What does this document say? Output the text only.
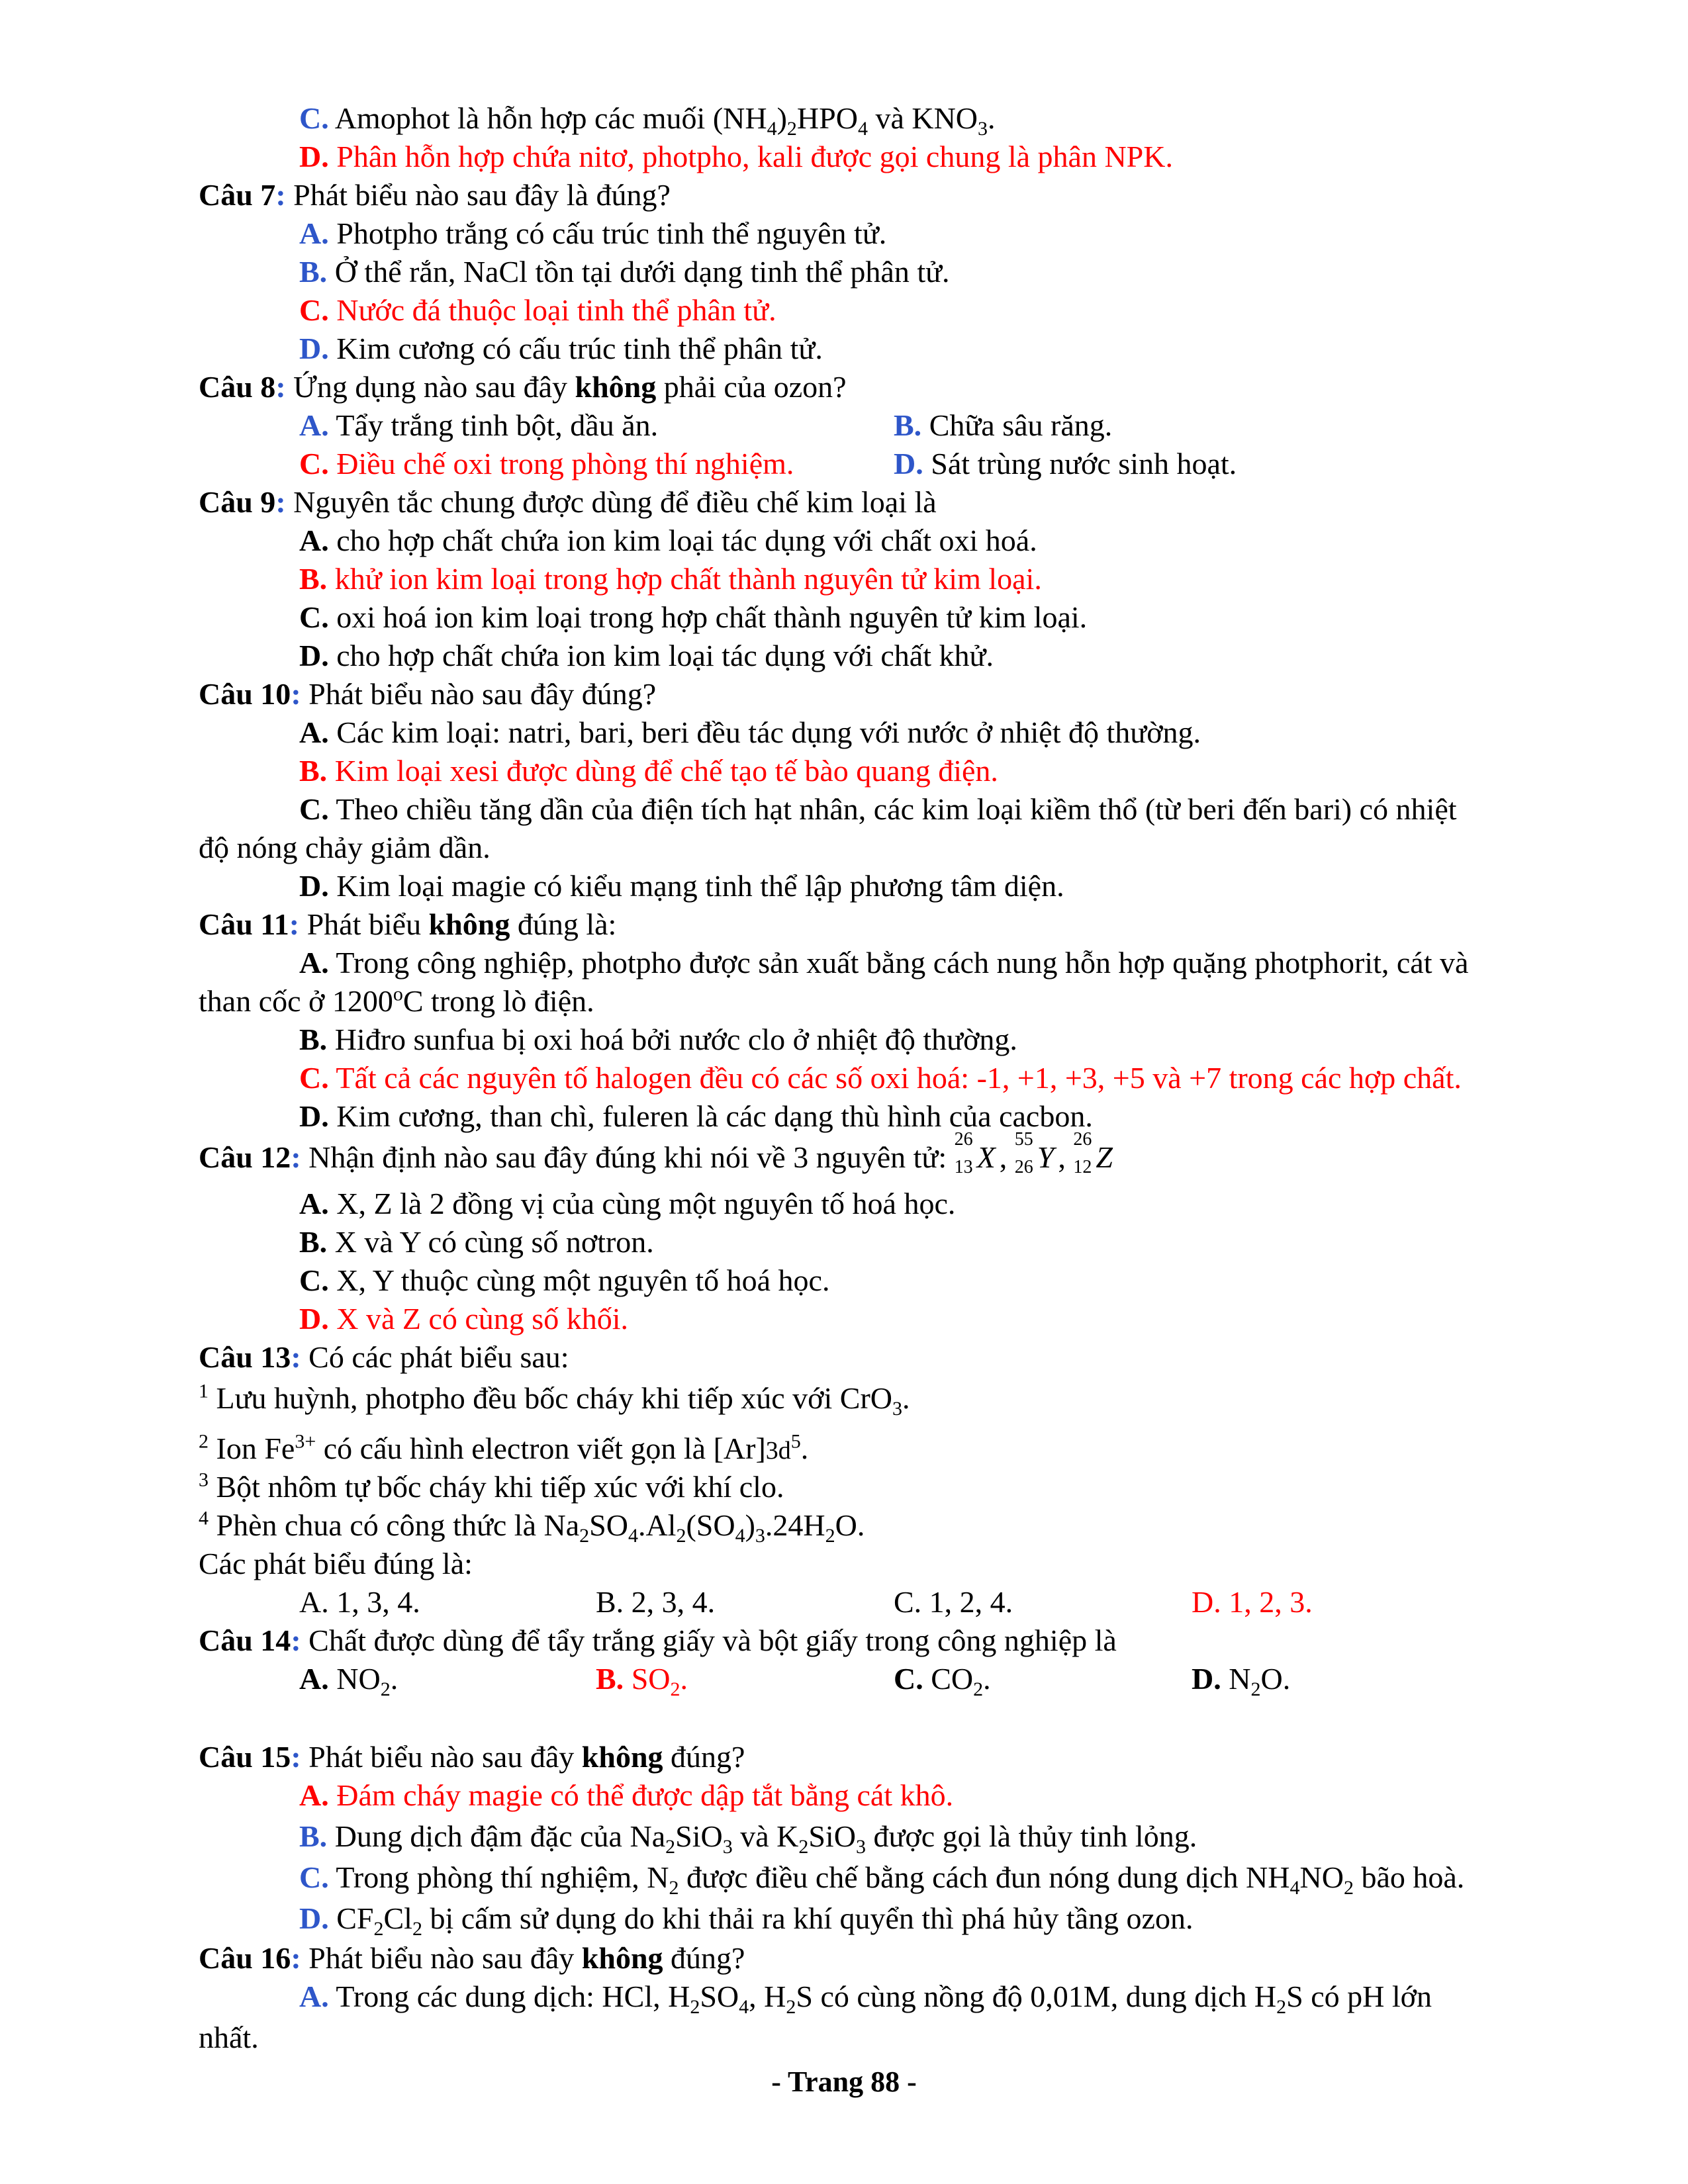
C. Amophot là hỗn hợp các muối $(NH_4)_2HPO_4$ và $KNO_3$.
D. Phân hỗn hợp chứa nitơ, photpho, kali được gọi chung là phân NPK.
Câu 7: Phát biểu nào sau đây là đúng?
A. Photpho trắng có cấu trúc tinh thể nguyên tử.
B. Ở thể rắn, NaCl tồn tại dưới dạng tinh thể phân tử.
C. Nước đá thuộc loại tinh thể phân tử.
D. Kim cương có cấu trúc tinh thể phân tử.
Câu 8: Ứng dụng nào sau đây không phải của ozon?
A. Tẩy trắng tinh bột, dầu ăn.	B. Chữa sâu răng.
C. Điều chế oxi trong phòng thí nghiệm.	D. Sát trùng nước sinh hoạt.
Câu 9: Nguyên tắc chung được dùng để điều chế kim loại là
A. cho hợp chất chứa ion kim loại tác dụng với chất oxi hoá.
B. khử ion kim loại trong hợp chất thành nguyên tử kim loại.
C. oxi hoá ion kim loại trong hợp chất thành nguyên tử kim loại.
D. cho hợp chất chứa ion kim loại tác dụng với chất khử.
Câu 10: Phát biểu nào sau đây đúng?
A. Các kim loại: natri, bari, beri đều tác dụng với nước ở nhiệt độ thường.
B. Kim loại xesi được dùng để chế tạo tế bào quang điện.
C. Theo chiều tăng dần của điện tích hạt nhân, các kim loại kiềm thổ (từ beri đến bari) có nhiệt
độ nóng chảy giảm dần.
D. Kim loại magie có kiểu mạng tinh thể lập phương tâm diện.
Câu 11: Phát biểu không đúng là:
A. Trong công nghiệp, photpho được sản xuất bằng cách nung hỗn hợp quặng photphorit, cát và
than cốc ở 1200$^o$C trong lò điện.
B. Hiđro sunfua bị oxi hoá bởi nước clo ở nhiệt độ thường.
C. Tất cả các nguyên tố halogen đều có các số oxi hoá: -1, +1, +3, +5 và +7 trong các hợp chất.
D. Kim cương, than chì, fuleren là các dạng thù hình của cacbon.
Câu 12: Nhận định nào sau đây đúng khi nói về 3 nguyên tử:
26
13 X ,
55
26 Y ,
26
12 Z
A. X, Z là 2 đồng vị của cùng một nguyên tố hoá học.
B. X và Y có cùng số nơtron.
C. X, Y thuộc cùng một nguyên tố hoá học.
D. X và Z có cùng số khối.
Câu 13: Có các phát biểu sau:
$^1$ Lưu huỳnh, photpho đều bốc cháy khi tiếp xúc với CrO$_3$.
$^2$ Ion $Fe^{3+}$ có cấu hình electron viết gọn là $[Ar]3d^5$.
$^3$ Bột nhôm tự bốc cháy khi tiếp xúc với khí clo.
$^4$ Phèn chua có công thức là $Na_2SO_4.Al_2(SO_4)_3.24H_2O$.
Các phát biểu đúng là:
A. 1, 3, 4.	B. 2, 3, 4.	C. 1, 2, 4.	D. 1, 2, 3.
Câu 14: Chất được dùng để tẩy trắng giấy và bột giấy trong công nghiệp là
A. $NO_2$.	B. $SO_2$.	C. $CO_2$.	D. $N_2O$.
Câu 15: Phát biểu nào sau đây không đúng?
A. Đám cháy magie có thể được dập tắt bằng cát khô.
B. Dung dịch đậm đặc của $Na_2SiO_3$ và $K_2SiO_3$ được gọi là thủy tinh lỏng.
C. Trong phòng thí nghiệm, $N_2$ được điều chế bằng cách đun nóng dung dịch $NH_4NO_2$ bão hoà.
D. $CF_2Cl_2$ bị cấm sử dụng do khi thải ra khí quyển thì phá hủy tầng ozon.
Câu 16: Phát biểu nào sau đây không đúng?
A. Trong các dung dịch: HCl, $H_2SO_4$, $H_2S$ có cùng nồng độ 0,01M, dung dịch $H_2S$ có pH lớn
nhất.
- Trang 88 -
